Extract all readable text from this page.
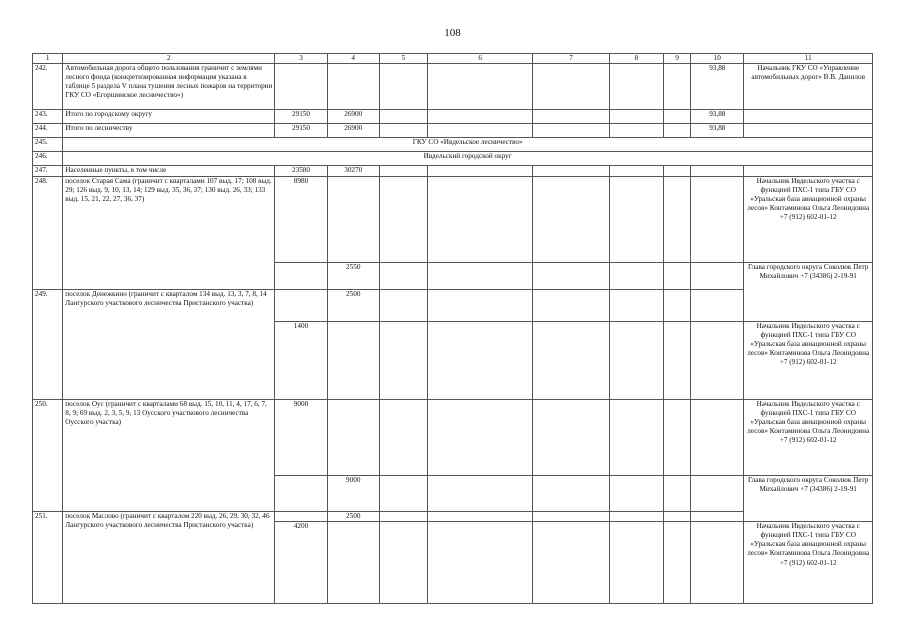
108
1	2	3	4	5	6	7	8	9	10	11
242.	Автомобильная дорога общего пользования граничит с землями лесного фонда (конкретизированная информация указана в таблице 5 раздела V плана тушения лесных пожаров на территории ГКУ СО «Егоршинское лесничество»)								93,88	Начальник ГКУ СО «Управление автомобильных дорог» В.В. Данилов
243.	Итого по городскому округу	29150	26900						93,88	
244.	Итого по лесничеству	29150	26900						93,88	
245.	ГКУ СО «Ивдельское лесничество»									
246.	Ивдельский городской округ									
247.	Населенные пункты, в том числе	23580	30270							
248.	поселок Старая Сама (граничит с кварталами 107 выд. 17; 108 выд. 29; 126 выд. 9, 10, 13, 14; 129 выд. 35, 36, 37; 130 выд. 26, 33; 133 выд. 15, 21, 22, 27, 36, 37)	8980								Начальник Ивдельского участка с функцией ПХС-1 типа ГБУ СО «Уральская база авиационной охраны лесов» Контаминова Ольга Леонидовна +7 (912) 602-01-12
			2550							Глава городского округа Соколюк Петр Михайлович +7 (34386) 2-19-91
249.	поселок Денежкино (граничит с кварталом 134 выд. 13, 3, 7, 8, 14 Лангурского участкового лесничества Пристанского участка)		2500							
		1400								Начальник Ивдельского участка с функцией ПХС-1 типа ГБУ СО «Уральская база авиационной охраны лесов» Контаминова Ольга Леонидовна +7 (912) 602-01-12
250.	поселок Оус (граничит с кварталами 68 выд. 15, 10, 11, 4, 17, 6, 7, 8, 9; 69 выд. 2, 3, 5, 9, 13 Оусского участкового лесничества Оусского участка)	9000								Начальник Ивдельского участка с функцией ПХС-1 типа ГБУ СО «Уральская база авиационной охраны лесов» Контаминова Ольга Леонидовна +7 (912) 602-01-12
			9000							Глава городского округа Соколюк Петр Михайлович +7 (34386) 2-19-91
251.	поселок Маслово (граничит с кварталом 220 выд. 26, 29, 30, 32, 46 Лангурского участкового лесничества Пристанского участка)		2500							
		4200								Начальник Ивдельского участка с функцией ПХС-1 типа ГБУ СО «Уральская база авиационной охраны лесов» Контаминова Ольга Леонидовна +7 (912) 602-01-12
